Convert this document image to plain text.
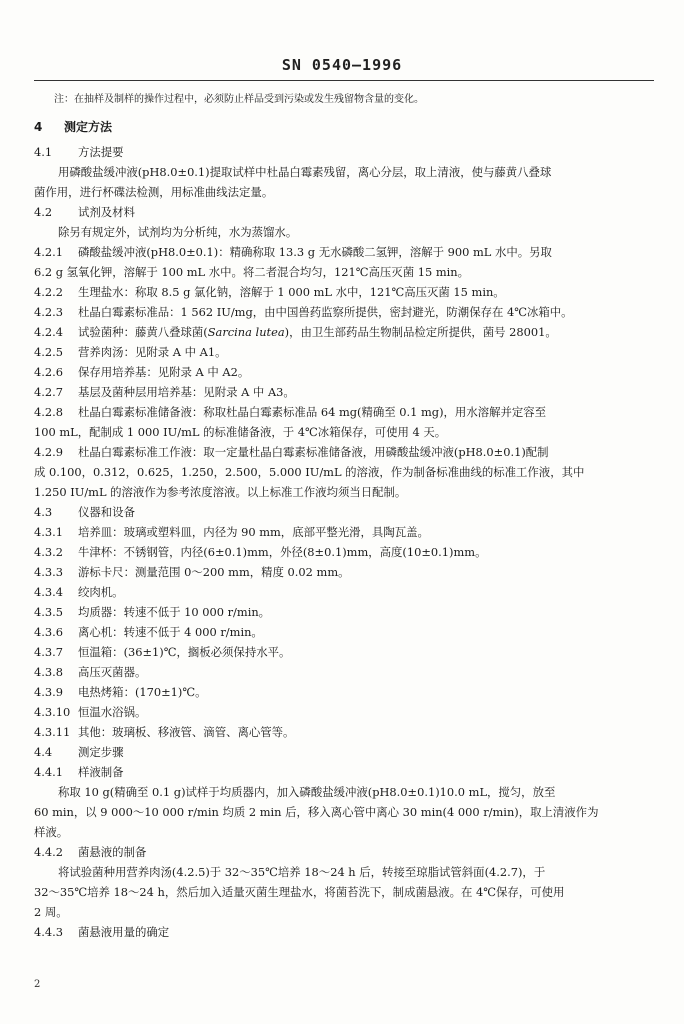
SN 0540—1996
注：在抽样及制样的操作过程中，必须防止样品受到污染或发生残留物含量的变化。
4 测定方法
4.1 方法提要
用磷酸盐缓冲液(pH8.0±0.1)提取试样中杜晶白霉素残留，离心分层，取上清液，使与藤黄八叠球
菌作用，进行杯碟法检测，用标准曲线法定量。
4.2 试剂及材料
除另有规定外，试剂均为分析纯，水为蒸馏水。
4.2.1 磷酸盐缓冲液(pH8.0±0.1)：精确称取 13.3 g 无水磷酸二氢钾，溶解于 900 mL 水中。另取
6.2 g 氢氧化钾，溶解于 100 mL 水中。将二者混合均匀，121℃高压灭菌 15 min。
4.2.2 生理盐水：称取 8.5 g 氯化钠，溶解于 1 000 mL 水中，121℃高压灭菌 15 min。
4.2.3 杜晶白霉素标准品：1 562 IU/mg，由中国兽药监察所提供，密封避光，防潮保存在 4℃冰箱中。
4.2.4 试验菌种：藤黄八叠球菌(Sarcina lutea)，由卫生部药品生物制品检定所提供，菌号 28001。
4.2.5 营养肉汤：见附录 A 中 A1。
4.2.6 保存用培养基：见附录 A 中 A2。
4.2.7 基层及菌种层用培养基：见附录 A 中 A3。
4.2.8 杜晶白霉素标准储备液：称取杜晶白霉素标准品 64 mg(精确至 0.1 mg)，用水溶解并定容至
100 mL，配制成 1 000 IU/mL 的标准储备液，于 4℃冰箱保存，可使用 4 天。
4.2.9 杜晶白霉素标准工作液：取一定量杜晶白霉素标准储备液，用磷酸盐缓冲液(pH8.0±0.1)配制
成 0.100，0.312，0.625，1.250，2.500，5.000 IU/mL 的溶液，作为制备标准曲线的标准工作液，其中
1.250 IU/mL 的溶液作为参考浓度溶液。以上标准工作液均须当日配制。
4.3 仪器和设备
4.3.1 培养皿：玻璃或塑料皿，内径为 90 mm，底部平整光滑，具陶瓦盖。
4.3.2 牛津杯：不锈钢管，内径(6±0.1)mm，外径(8±0.1)mm，高度(10±0.1)mm。
4.3.3 游标卡尺：测量范围 0～200 mm，精度 0.02 mm。
4.3.4 绞肉机。
4.3.5 均质器：转速不低于 10 000 r/min。
4.3.6 离心机：转速不低于 4 000 r/min。
4.3.7 恒温箱：(36±1)℃，搁板必须保持水平。
4.3.8 高压灭菌器。
4.3.9 电热烤箱：(170±1)℃。
4.3.10 恒温水浴锅。
4.3.11 其他：玻璃板、移液管、滴管、离心管等。
4.4 测定步骤
4.4.1 样液制备
称取 10 g(精确至 0.1 g)试样于均质器内，加入磷酸盐缓冲液(pH8.0±0.1)10.0 mL，搅匀，放至
60 min，以 9 000～10 000 r/min 均质 2 min 后，移入离心管中离心 30 min(4 000 r/min)，取上清液作为
样液。
4.4.2 菌悬液的制备
将试验菌种用营养肉汤(4.2.5)于 32～35℃培养 18～24 h 后，转接至琼脂试管斜面(4.2.7)，于
32～35℃培养 18～24 h，然后加入适量灭菌生理盐水，将菌苔洗下，制成菌悬液。在 4℃保存，可使用
2 周。
4.4.3 菌悬液用量的确定
2
